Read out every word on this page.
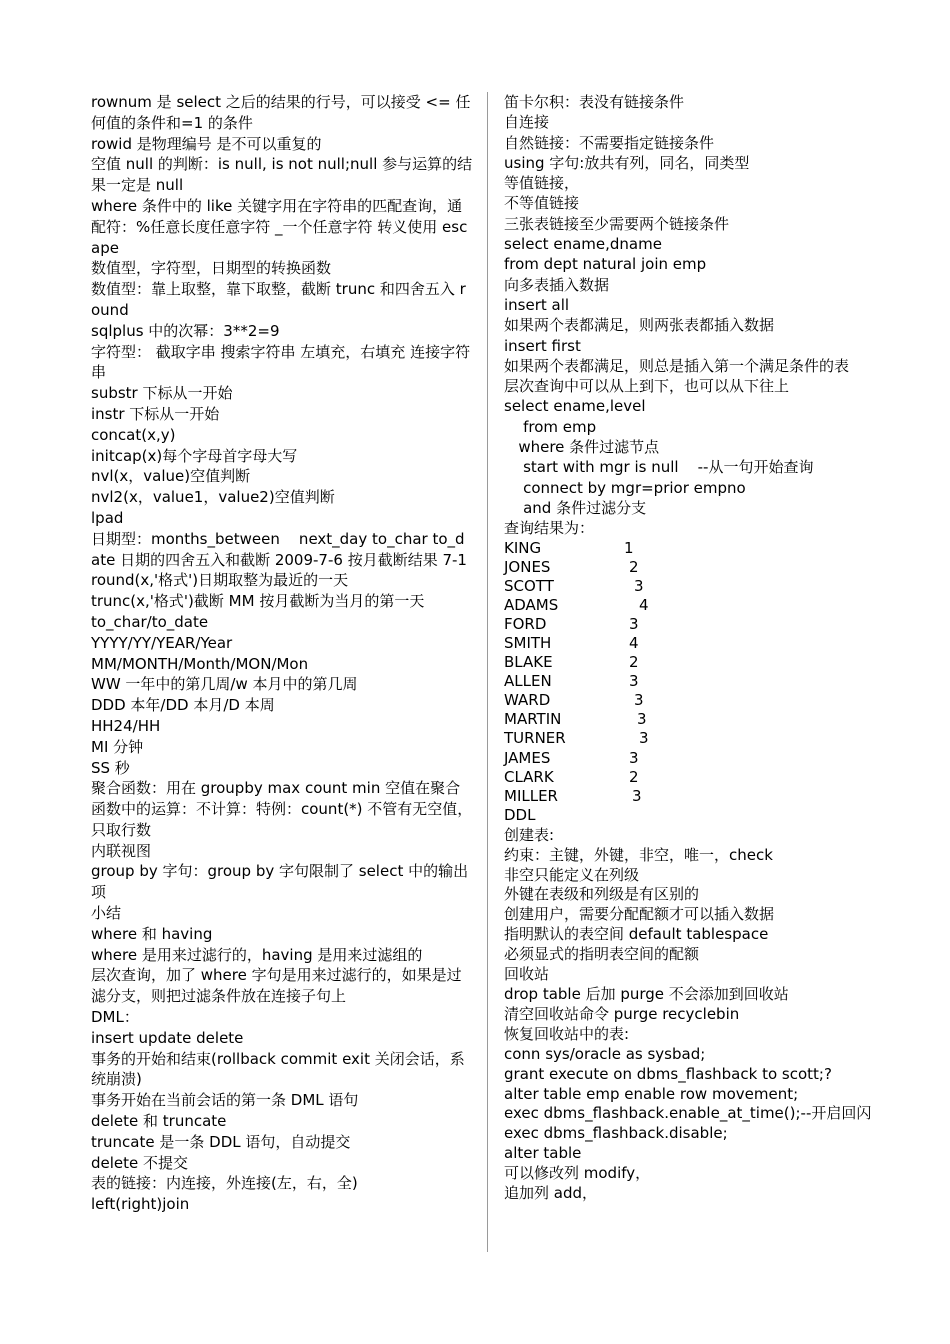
rownum 是 select 之后的结果的行号，可以接受 <= 任何值的条件和=1 的条件
rowid 是物理编号 是不可以重复的
空值 null 的判断：is null, is not null;null 参与运算的结果一定是 null
where 条件中的 like 关键字用在字符串的匹配查询，通配符：%任意长度任意字符 _一个任意字符 转义使用 escape
数值型，字符型，日期型的转换函数
数值型：靠上取整，靠下取整，截断 trunc 和四舍五入 round
sqlplus 中的次幂：3**2=9
字符型： 截取字串 搜索字符串 左填充，右填充 连接字符串
substr 下标从一开始
instr 下标从一开始
concat(x,y)
initcap(x)每个字母首字母大写
nvl(x，value)空值判断
nvl2(x，value1，value2)空值判断
lpad
日期型：months_between    next_day to_char to_date 日期的四舍五入和截断 2009-7-6 按月截断结果 7-1
round(x,'格式')日期取整为最近的一天
trunc(x,'格式')截断 MM 按月截断为当月的第一天
to_char/to_date
YYYY/YY/YEAR/Year
MM/MONTH/Month/MON/Mon
WW 一年中的第几周/w 本月中的第几周
DDD 本年/DD 本月/D 本周
HH24/HH
MI 分钟
SS 秒
聚合函数：用在 groupby max count min 空值在聚合函数中的运算：不计算：特例：count(*) 不管有无空值，只取行数
内联视图
group by 字句：group by 字句限制了 select 中的输出项
小结
where 和 having
where 是用来过滤行的，having 是用来过滤组的
层次查询，加了 where 字句是用来过滤行的，如果是过滤分支，则把过滤条件放在连接子句上
DML：
insert update delete
事务的开始和结束(rollback commit exit 关闭会话，系统崩溃)
事务开始在当前会话的第一条 DML 语句
delete 和 truncate
truncate 是一条 DDL 语句，自动提交
delete 不提交
表的链接：内连接，外连接(左，右，全)
left(right)join
笛卡尔积：表没有链接条件
自连接
自然链接：不需要指定链接条件
using 字句:放共有列，同名，同类型
等值链接，
不等值链接
三张表链接至少需要两个链接条件
select ename,dname
from dept natural join emp
向多表插入数据
insert all
如果两个表都满足，则两张表都插入数据
insert first
如果两个表都满足，则总是插入第一个满足条件的表
层次查询中可以从上到下，也可以从下往上
select ename,level
from emp
where 条件过滤节点
start with mgr is null    --从一句开始查询
connect by mgr=prior empno
and 条件过滤分支
查询结果为：
KING	1
JONES	2
SCOTT	3
ADAMS	4
FORD	3
SMITH	4
BLAKE	2
ALLEN	3
WARD	3
MARTIN	3
TURNER	3
JAMES	3
CLARK	2
MILLER	3
DDL
创建表:
约束：主键，外键，非空，唯一，check
非空只能定义在列级
外键在表级和列级是有区别的
创建用户，需要分配配额才可以插入数据
指明默认的表空间 default tablespace
必须显式的指明表空间的配额
回收站
drop table 后加 purge 不会添加到回收站
清空回收站命令 purge recyclebin
恢复回收站中的表:
conn sys/oracle as sysbad;
grant execute on dbms_flashback to scott;?
alter table emp enable row movement;
exec dbms_flashback.enable_at_time();--开启回闪
exec dbms_flashback.disable;
alter table
可以修改列 modify，
追加列 add，
